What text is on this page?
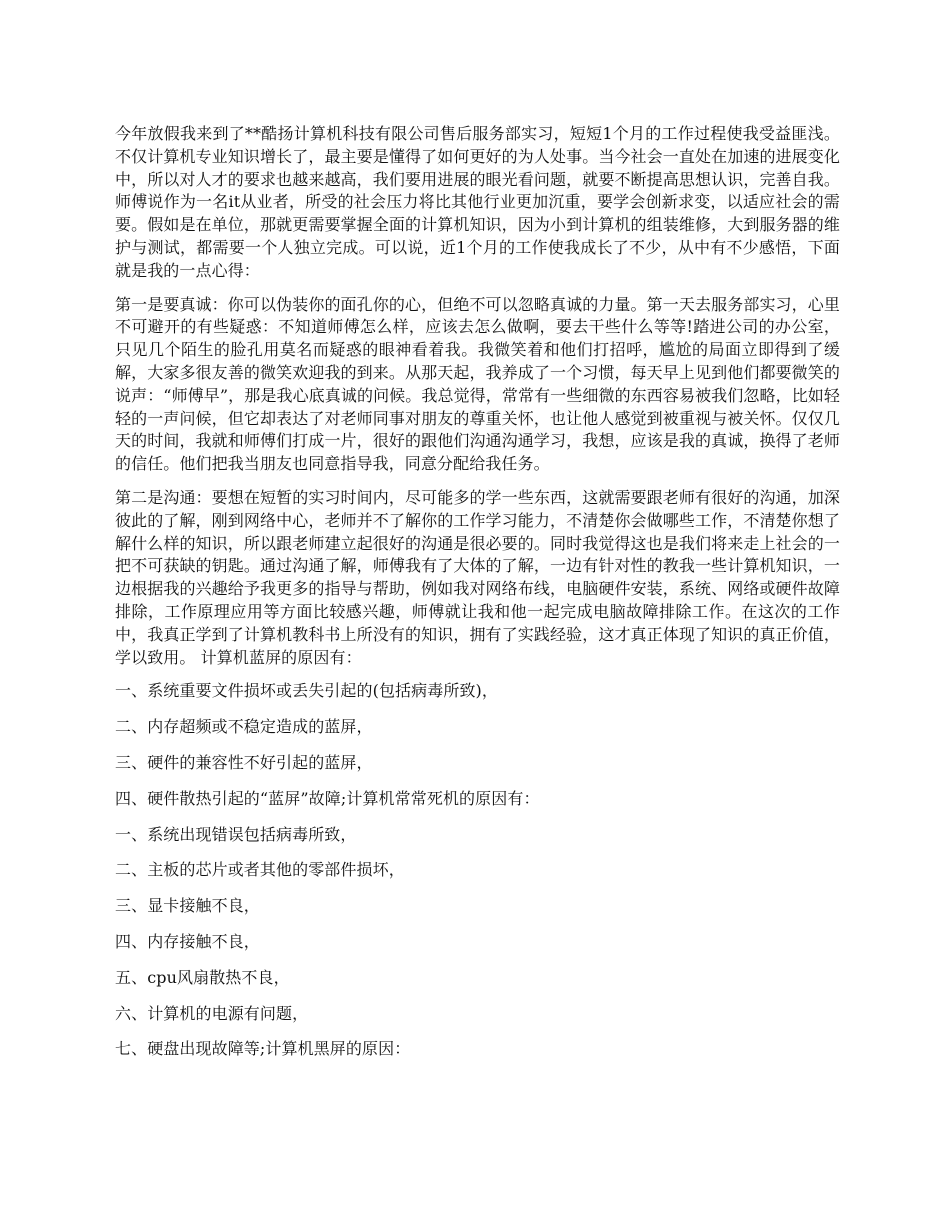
今年放假我来到了**酷扬计算机科技有限公司售后服务部实习，短短1个月的工作过程使我受益匪浅。不仅计算机专业知识增长了，最主要是懂得了如何更好的为人处事。当今社会一直处在加速的进展变化中，所以对人才的要求也越来越高，我们要用进展的眼光看问题，就要不断提高思想认识，完善自我。师傅说作为一名it从业者，所受的社会压力将比其他行业更加沉重，要学会创新求变，以适应社会的需要。假如是在单位，那就更需要掌握全面的计算机知识，因为小到计算机的组装维修，大到服务器的维护与测试，都需要一个人独立完成。可以说，近1个月的工作使我成长了不少，从中有不少感悟，下面就是我的一点心得：

第一是要真诚：你可以伪装你的面孔你的心，但绝不可以忽略真诚的力量。第一天去服务部实习，心里不可避开的有些疑惑：不知道师傅怎么样，应该去怎么做啊，要去干些什么等等!踏进公司的办公室，只见几个陌生的脸孔用莫名而疑惑的眼神看着我。我微笑着和他们打招呼，尴尬的局面立即得到了缓解，大家多很友善的微笑欢迎我的到来。从那天起，我养成了一个习惯，每天早上见到他们都要微笑的说声：“师傅早”，那是我心底真诚的问候。我总觉得，常常有一些细微的东西容易被我们忽略，比如轻轻的一声问候，但它却表达了对老师同事对朋友的尊重关怀，也让他人感觉到被重视与被关怀。仅仅几天的时间，我就和师傅们打成一片，很好的跟他们沟通沟通学习，我想，应该是我的真诚，换得了老师的信任。他们把我当朋友也同意指导我，同意分配给我任务。

第二是沟通：要想在短暂的实习时间内，尽可能多的学一些东西，这就需要跟老师有很好的沟通，加深彼此的了解，刚到网络中心，老师并不了解你的工作学习能力，不清楚你会做哪些工作，不清楚你想了解什么样的知识，所以跟老师建立起很好的沟通是很必要的。同时我觉得这也是我们将来走上社会的一把不可获缺的钥匙。通过沟通了解，师傅我有了大体的了解，一边有针对性的教我一些计算机知识，一边根据我的兴趣给予我更多的指导与帮助，例如我对网络布线，电脑硬件安装，系统、网络或硬件故障排除，工作原理应用等方面比较感兴趣，师傅就让我和他一起完成电脑故障排除工作。在这次的工作中，我真正学到了计算机教科书上所没有的知识，拥有了实践经验，这才真正体现了知识的真正价值，学以致用。 计算机蓝屏的原因有：

一、系统重要文件损坏或丢失引起的(包括病毒所致)，
二、内存超频或不稳定造成的蓝屏，
三、硬件的兼容性不好引起的蓝屏，
四、硬件散热引起的“蓝屏”故障;计算机常常死机的原因有：
一、系统出现错误包括病毒所致，
二、主板的芯片或者其他的零部件损坏，
三、显卡接触不良，
四、内存接触不良，
五、cpu风扇散热不良，
六、计算机的电源有问题，
七、硬盘出现故障等;计算机黑屏的原因：
